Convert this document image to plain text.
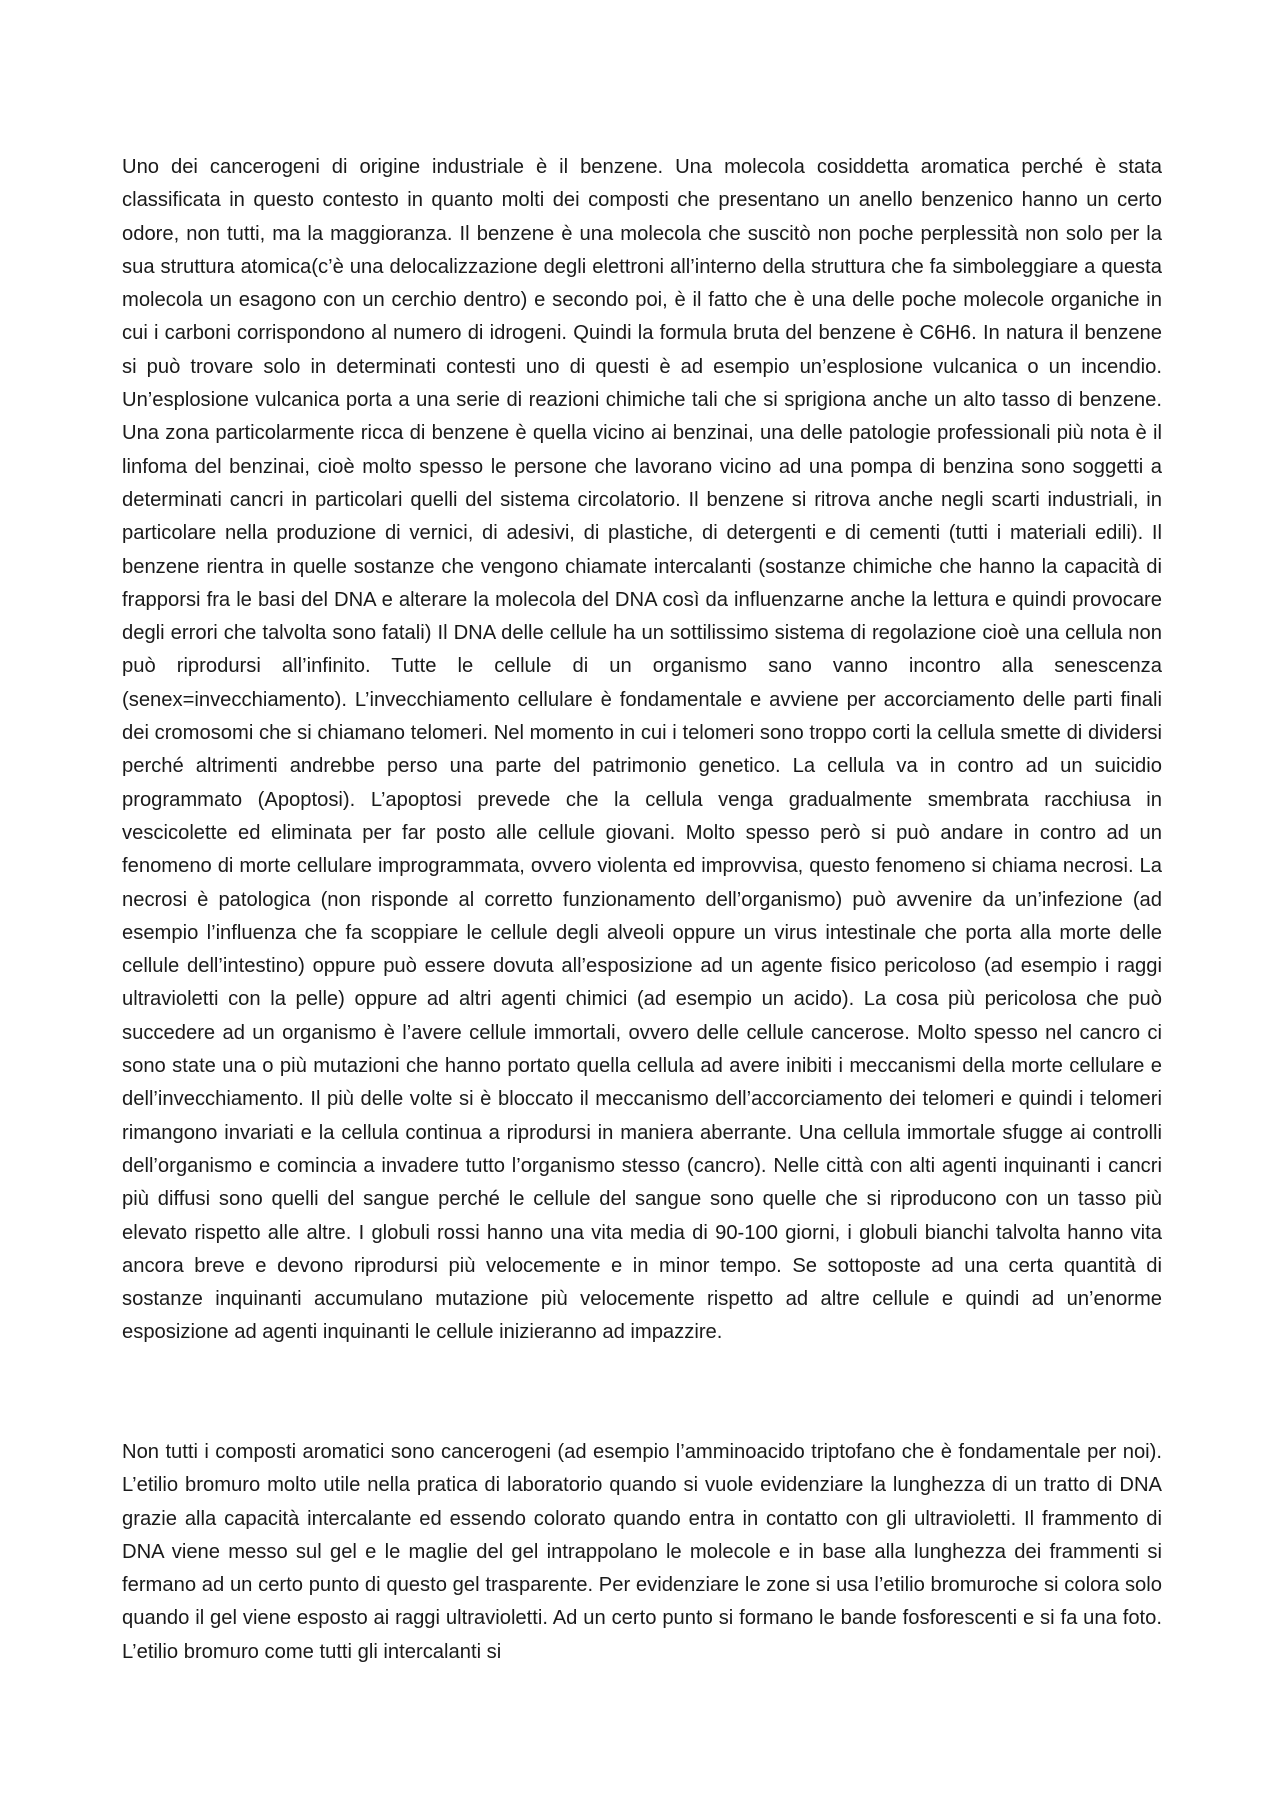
Uno dei cancerogeni di origine industriale è il benzene. Una molecola cosiddetta aromatica perché è stata classificata in questo contesto in quanto molti dei composti che presentano un anello benzenico hanno un certo odore, non tutti, ma la maggioranza. Il benzene è una molecola che suscitò non poche perplessità non solo per la sua struttura atomica(c’è una delocalizzazione degli elettroni all’interno della struttura che fa simboleggiare a questa molecola un esagono con un cerchio dentro) e secondo poi, è il fatto che è una delle poche molecole organiche in cui i carboni corrispondono al numero di idrogeni. Quindi la formula bruta del benzene è C6H6. In natura il benzene si può trovare solo in determinati contesti uno di questi è ad esempio un’esplosione vulcanica o un incendio. Un’esplosione vulcanica porta a una serie di reazioni chimiche tali che si sprigiona anche un alto tasso di benzene. Una zona particolarmente ricca di benzene è quella vicino ai benzinai, una delle patologie professionali più nota è il linfoma del benzinai, cioè molto spesso le persone che lavorano vicino ad una pompa di benzina sono soggetti a determinati cancri in particolari quelli del sistema circolatorio. Il benzene si ritrova anche negli scarti industriali, in particolare nella produzione di vernici, di adesivi, di plastiche, di detergenti e di cementi (tutti i materiali edili). Il benzene rientra in quelle sostanze che vengono chiamate intercalanti (sostanze chimiche che hanno la capacità di frapporsi fra le basi del DNA e alterare la molecola del DNA così da influenzarne anche la lettura e quindi provocare degli errori che talvolta sono fatali) Il DNA delle cellule ha un sottilissimo sistema di regolazione cioè una cellula non può riprodursi all’infinito. Tutte le cellule di un organismo sano vanno incontro alla senescenza (senex=invecchiamento). L’invecchiamento cellulare è fondamentale e avviene per accorciamento delle parti finali dei cromosomi che si chiamano telomeri. Nel momento in cui i telomeri sono troppo corti la cellula smette di dividersi perché altrimenti andrebbe perso una parte del patrimonio genetico. La cellula va in contro ad un suicidio programmato (Apoptosi). L’apoptosi prevede che la cellula venga gradualmente smembrata racchiusa in vescicolette ed eliminata per far posto alle cellule giovani. Molto spesso però si può andare in contro ad un fenomeno di morte cellulare improgrammata, ovvero violenta ed improvvisa, questo fenomeno si chiama necrosi. La necrosi è patologica (non risponde al corretto funzionamento dell’organismo) può avvenire da un’infezione (ad esempio l’influenza che fa scoppiare le cellule degli alveoli oppure un virus intestinale che porta alla morte delle cellule dell’intestino) oppure può essere dovuta all’esposizione ad un agente fisico pericoloso (ad esempio i raggi ultravioletti con la pelle) oppure ad altri agenti chimici (ad esempio un acido). La cosa più pericolosa che può succedere ad un organismo è l’avere cellule immortali, ovvero delle cellule cancerose. Molto spesso nel cancro ci sono state una o più mutazioni che hanno portato quella cellula ad avere inibiti i meccanismi della morte cellulare e dell’invecchiamento. Il più delle volte si è bloccato il meccanismo dell’accorciamento dei telomeri e quindi i telomeri rimangono invariati e la cellula continua a riprodursi in maniera aberrante. Una cellula immortale sfugge ai controlli dell’organismo e comincia a invadere tutto l’organismo stesso (cancro). Nelle città con alti agenti inquinanti i cancri più diffusi sono quelli del sangue perché le cellule del sangue sono quelle che si riproducono con un tasso più elevato rispetto alle altre. I globuli rossi hanno una vita media di 90-100 giorni, i globuli bianchi talvolta hanno vita ancora breve e devono riprodursi più velocemente e in minor tempo. Se sottoposte ad una certa quantità di sostanze inquinanti accumulano mutazione più velocemente rispetto ad altre cellule e quindi ad un’enorme esposizione ad agenti inquinanti le cellule inizieranno ad impazzire.

Non tutti i composti aromatici sono cancerogeni (ad esempio l’amminoacido triptofano che è fondamentale per noi). L’etilio bromuro molto utile nella pratica di laboratorio quando si vuole evidenziare la lunghezza di un tratto di DNA grazie alla capacità intercalante ed essendo colorato quando entra in contatto con gli ultravioletti. Il frammento di DNA viene messo sul gel e le maglie del gel intrappolano le molecole e in base alla lunghezza dei frammenti si fermano ad un certo punto di questo gel trasparente. Per evidenziare le zone si usa l’etilio bromuroche si colora solo quando il gel viene esposto ai raggi ultravioletti. Ad un certo punto si formano le bande fosforescenti e si fa una foto. L’etilio bromuro come tutti gli intercalanti si
